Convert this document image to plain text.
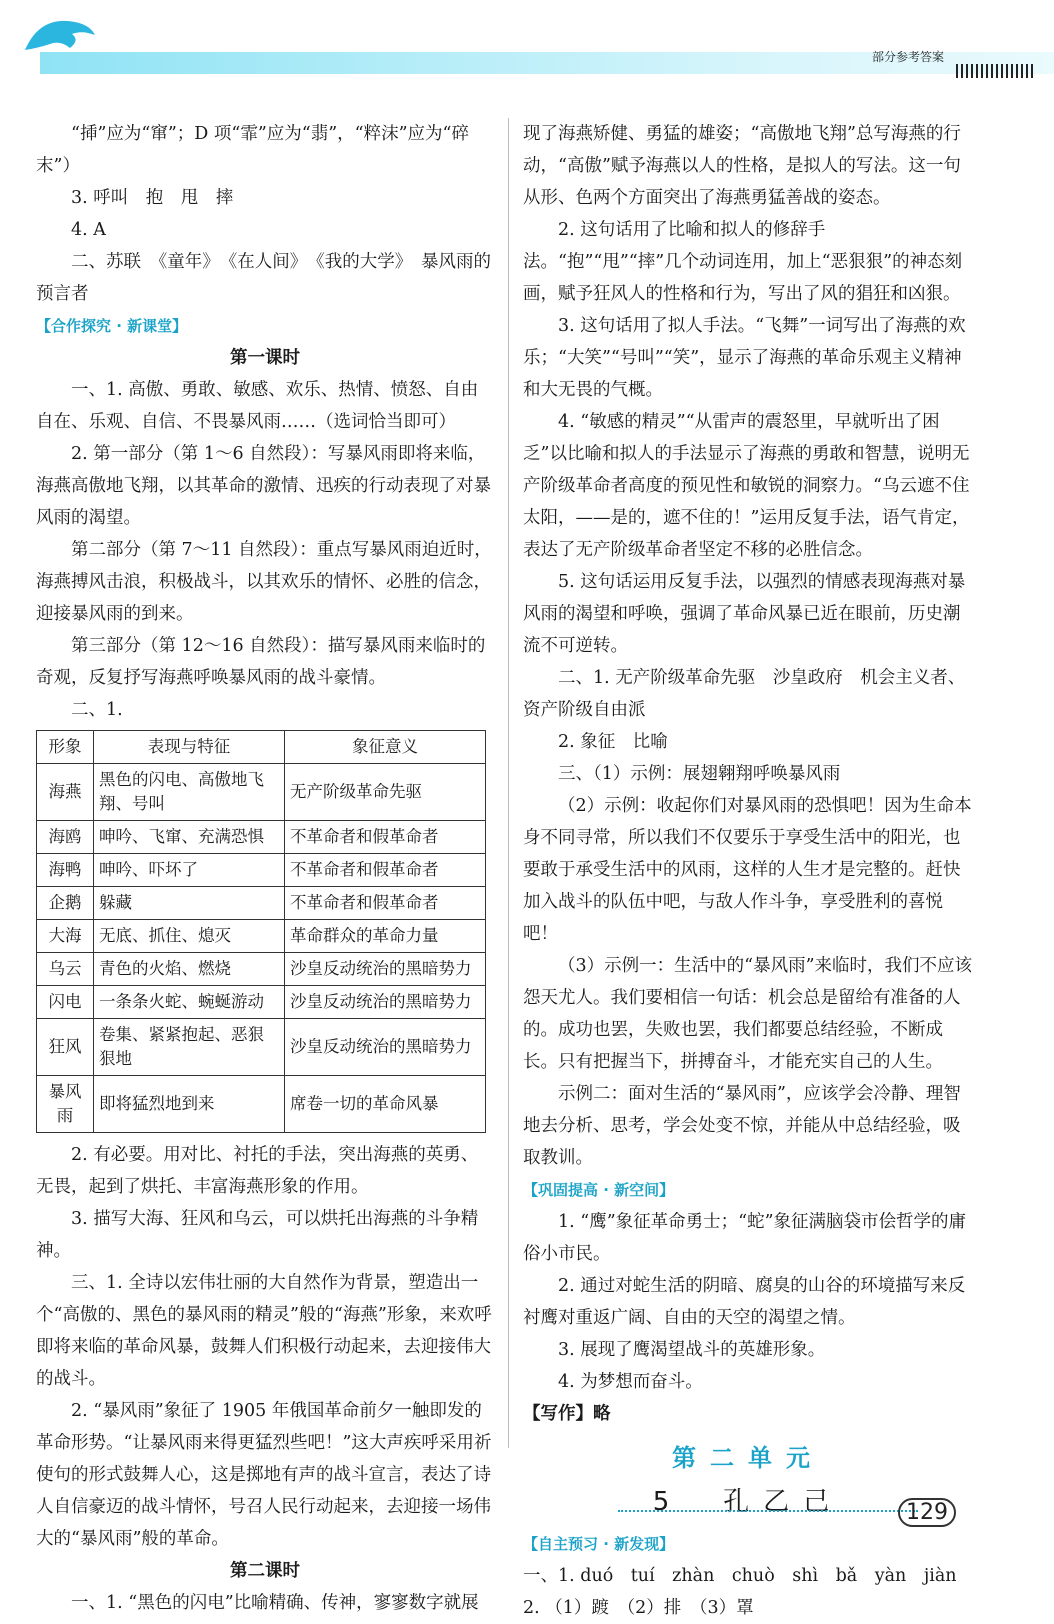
部分参考答案

“揷”应为“窜”；D 项“霏”应为“翡”，“粹沫”应为“碎末”）

3. 呼叫　抱　甩　摔

4. A

二、苏联　《童年》　《在人间》　《我的大学》　暴风雨的预言者

【合作探究 · 新课堂】

第一课时

一、1. 高傲、勇敢、敏感、欢乐、热情、愤怒、自由自在、乐观、自信、不畏暴风雨……（选词恰当即可）

2. 第一部分（第 1～6 自然段）：写暴风雨即将来临，海燕高傲地飞翔，以其革命的激情、迅疾的行动表现了对暴风雨的渴望。

第二部分（第 7～11 自然段）：重点写暴风雨迫近时，海燕搏风击浪，积极战斗，以其欢乐的情怀、必胜的信念，迎接暴风雨的到来。

第三部分（第 12～16 自然段）：描写暴风雨来临时的奇观，反复抒写海燕呼唤暴风雨的战斗豪情。

二、1.

形象	表现与特征	象征意义
海燕	黑色的闪电、高傲地飞翔、号叫	无产阶级革命先驱
海鸥	呻吟、飞窜、充满恐惧	不革命者和假革命者
海鸭	呻吟、吓坏了	不革命者和假革命者
企鹅	躲藏	不革命者和假革命者
大海	无底、抓住、熄灭	革命群众的革命力量
乌云	青色的火焰、燃烧	沙皇反动统治的黑暗势力
闪电	一条条火蛇、蜿蜒游动	沙皇反动统治的黑暗势力
狂风	卷集、紧紧抱起、恶狠狠地	沙皇反动统治的黑暗势力
暴风雨	即将猛烈地到来	席卷一切的革命风暴

2. 有必要。用对比、衬托的手法，突出海燕的英勇、无畏，起到了烘托、丰富海燕形象的作用。

3. 描写大海、狂风和乌云，可以烘托出海燕的斗争精神。

三、1. 全诗以宏伟壮丽的大自然作为背景，塑造出一个“高傲的、黑色的暴风雨的精灵”般的“海燕”形象，来欢呼即将来临的革命风暴，鼓舞人们积极行动起来，去迎接伟大的战斗。

2. “暴风雨”象征了 1905 年俄国革命前夕一触即发的革命形势。“让暴风雨来得更猛烈些吧！”这大声疾呼采用祈使句的形式鼓舞人心，这是掷地有声的战斗宣言，表达了诗人自信豪迈的战斗情怀，号召人民行动起来，去迎接一场伟大的“暴风雨”般的革命。

第二课时

一、1. “黑色的闪电”比喻精确、传神，寥寥数字就展

现了海燕矫健、勇猛的雄姿；“高傲地飞翔”总写海燕的行动，“高傲”赋予海燕以人的性格，是拟人的写法。这一句从形、色两个方面突出了海燕勇猛善战的姿态。

2. 这句话用了比喻和拟人的修辞手法。“抱”“甩”“摔”几个动词连用，加上“恶狠狠”的神态刻画，赋予狂风人的性格和行为，写出了风的猖狂和凶狠。

3. 这句话用了拟人手法。“飞舞”一词写出了海燕的欢乐；“大笑”“号叫”“笑”，显示了海燕的革命乐观主义精神和大无畏的气概。

4. “敏感的精灵”“从雷声的震怒里，早就听出了困乏”以比喻和拟人的手法显示了海燕的勇敢和智慧，说明无产阶级革命者高度的预见性和敏锐的洞察力。“乌云遮不住太阳，——是的，遮不住的！”运用反复手法，语气肯定，表达了无产阶级革命者坚定不移的必胜信念。

5. 这句话运用反复手法，以强烈的情感表现海燕对暴风雨的渴望和呼唤，强调了革命风暴已近在眼前，历史潮流不可逆转。

二、1. 无产阶级革命先驱　沙皇政府　机会主义者、资产阶级自由派

2. 象征　比喻

三、（1）示例：展翅翱翔呼唤暴风雨

（2）示例：收起你们对暴风雨的恐惧吧！因为生命本身不同寻常，所以我们不仅要乐于享受生活中的阳光，也要敢于承受生活中的风雨，这样的人生才是完整的。赶快加入战斗的队伍中吧，与敌人作斗争，享受胜利的喜悦吧！

（3）示例一：生活中的“暴风雨”来临时，我们不应该怨天尤人。我们要相信一句话：机会总是留给有准备的人的。成功也罢，失败也罢，我们都要总结经验，不断成长。只有把握当下，拼搏奋斗，才能充实自己的人生。

示例二：面对生活的“暴风雨”，应该学会冷静、理智地去分析、思考，学会处变不惊，并能从中总结经验，吸取教训。

【巩固提高 · 新空间】

1. “鹰”象征革命勇士；“蛇”象征满脑袋市侩哲学的庸俗小市民。

2. 通过对蛇生活的阴暗、腐臭的山谷的环境描写来反衬鹰对重返广阔、自由的天空的渴望之情。

3. 展现了鹰渴望战斗的英雄形象。

4. 为梦想而奋斗。

【写作】略

第二单元

5　孔乙己

【自主预习 · 新发现】

一、1. duó　tuí　zhàn　chuò　shì　bǎ　yàn　jiàn

2. （1）踱　（2）排　（3）罩

129
